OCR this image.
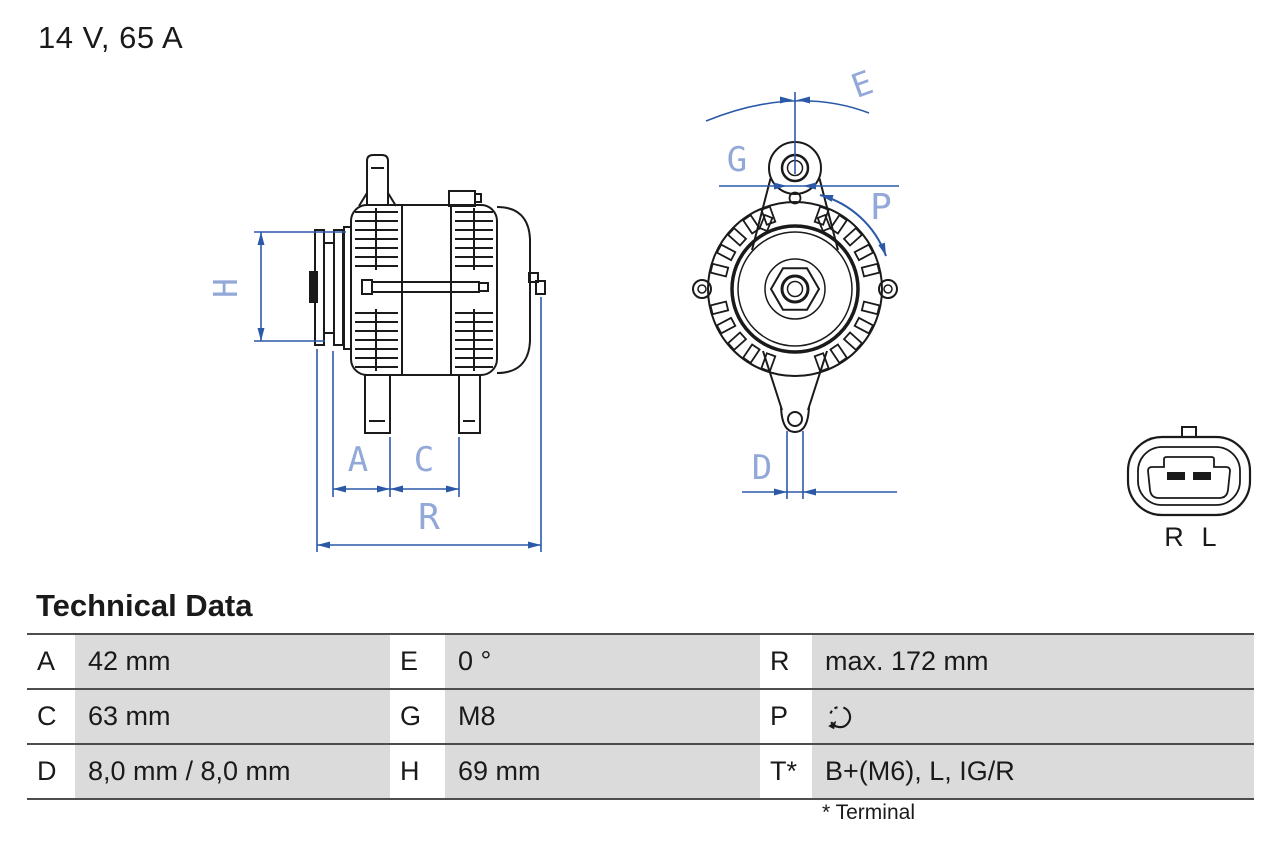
14 V, 65 A
H
A C
R
E
G
P
D
R L
Technical Data
A	42 mm	E	0 °	R	max. 172 mm
C	63 mm	G	M8	P
D	8,0 mm / 8,0 mm	H	69 mm	T*	B+(M6), L, IG/R
* Terminal
